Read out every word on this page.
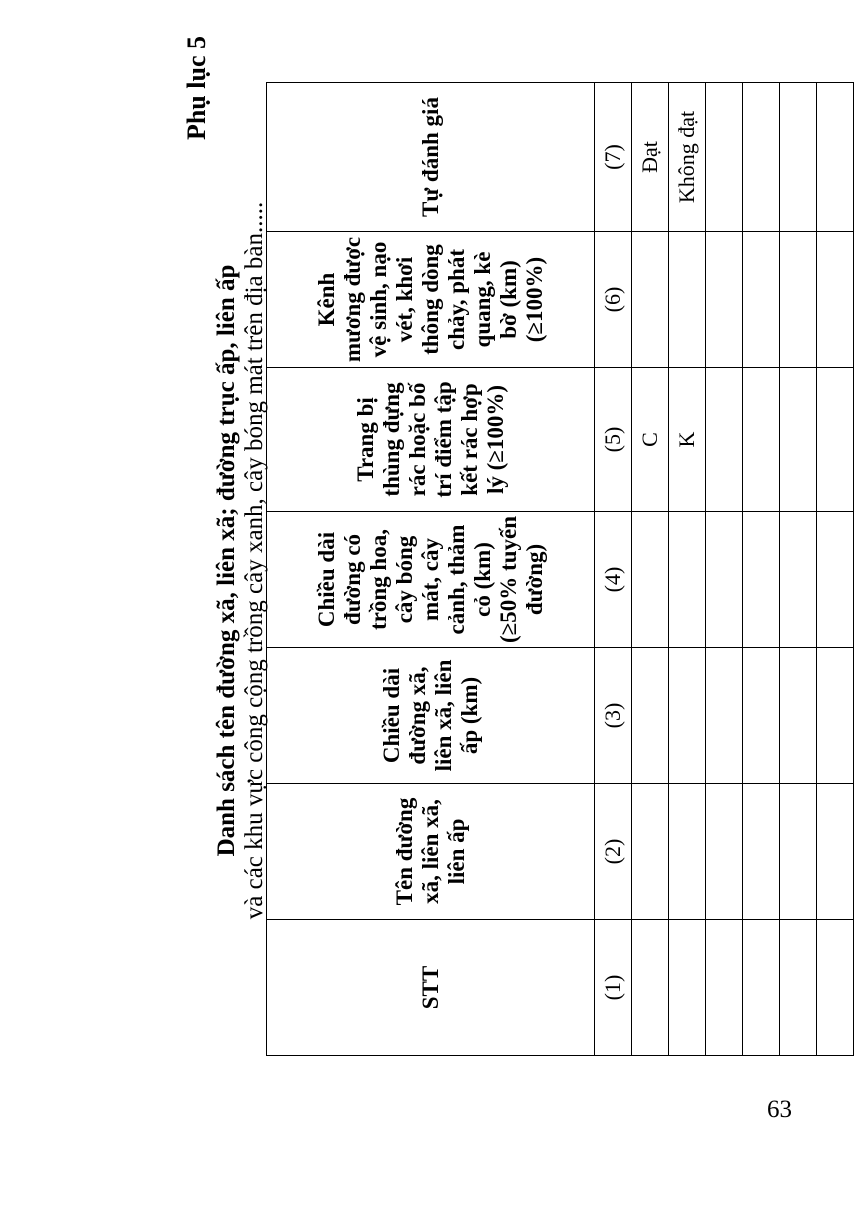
Phụ lục 5
Danh sách tên đường xã, liên xã; đường trục ấp, liên ấp và các khu vực công cộng trồng cây xanh, cây bóng mát trên địa bàn.....
STT	Tên đường xã, liên xã, liên ấp	Chiều dài đường xã, liên xã, liên ấp (km)	Chiều dài đường có trồng hoa, cây bóng mát, cây cảnh, thảm cỏ (km) (≥50% tuyến đường)	Trang bị thùng đựng rác hoặc bố trí điểm tập kết rác hợp lý (≥100%)	Kênh mương được vệ sinh, nạo vét, khơi thông dòng chảy, phát quang, kè bờ (km) (≥100%)	Tự đánh giá

(1)	(2)	(3)	(4)	(5)	(6)	(7)
				C		Đạt
				K		Không đạt

63
